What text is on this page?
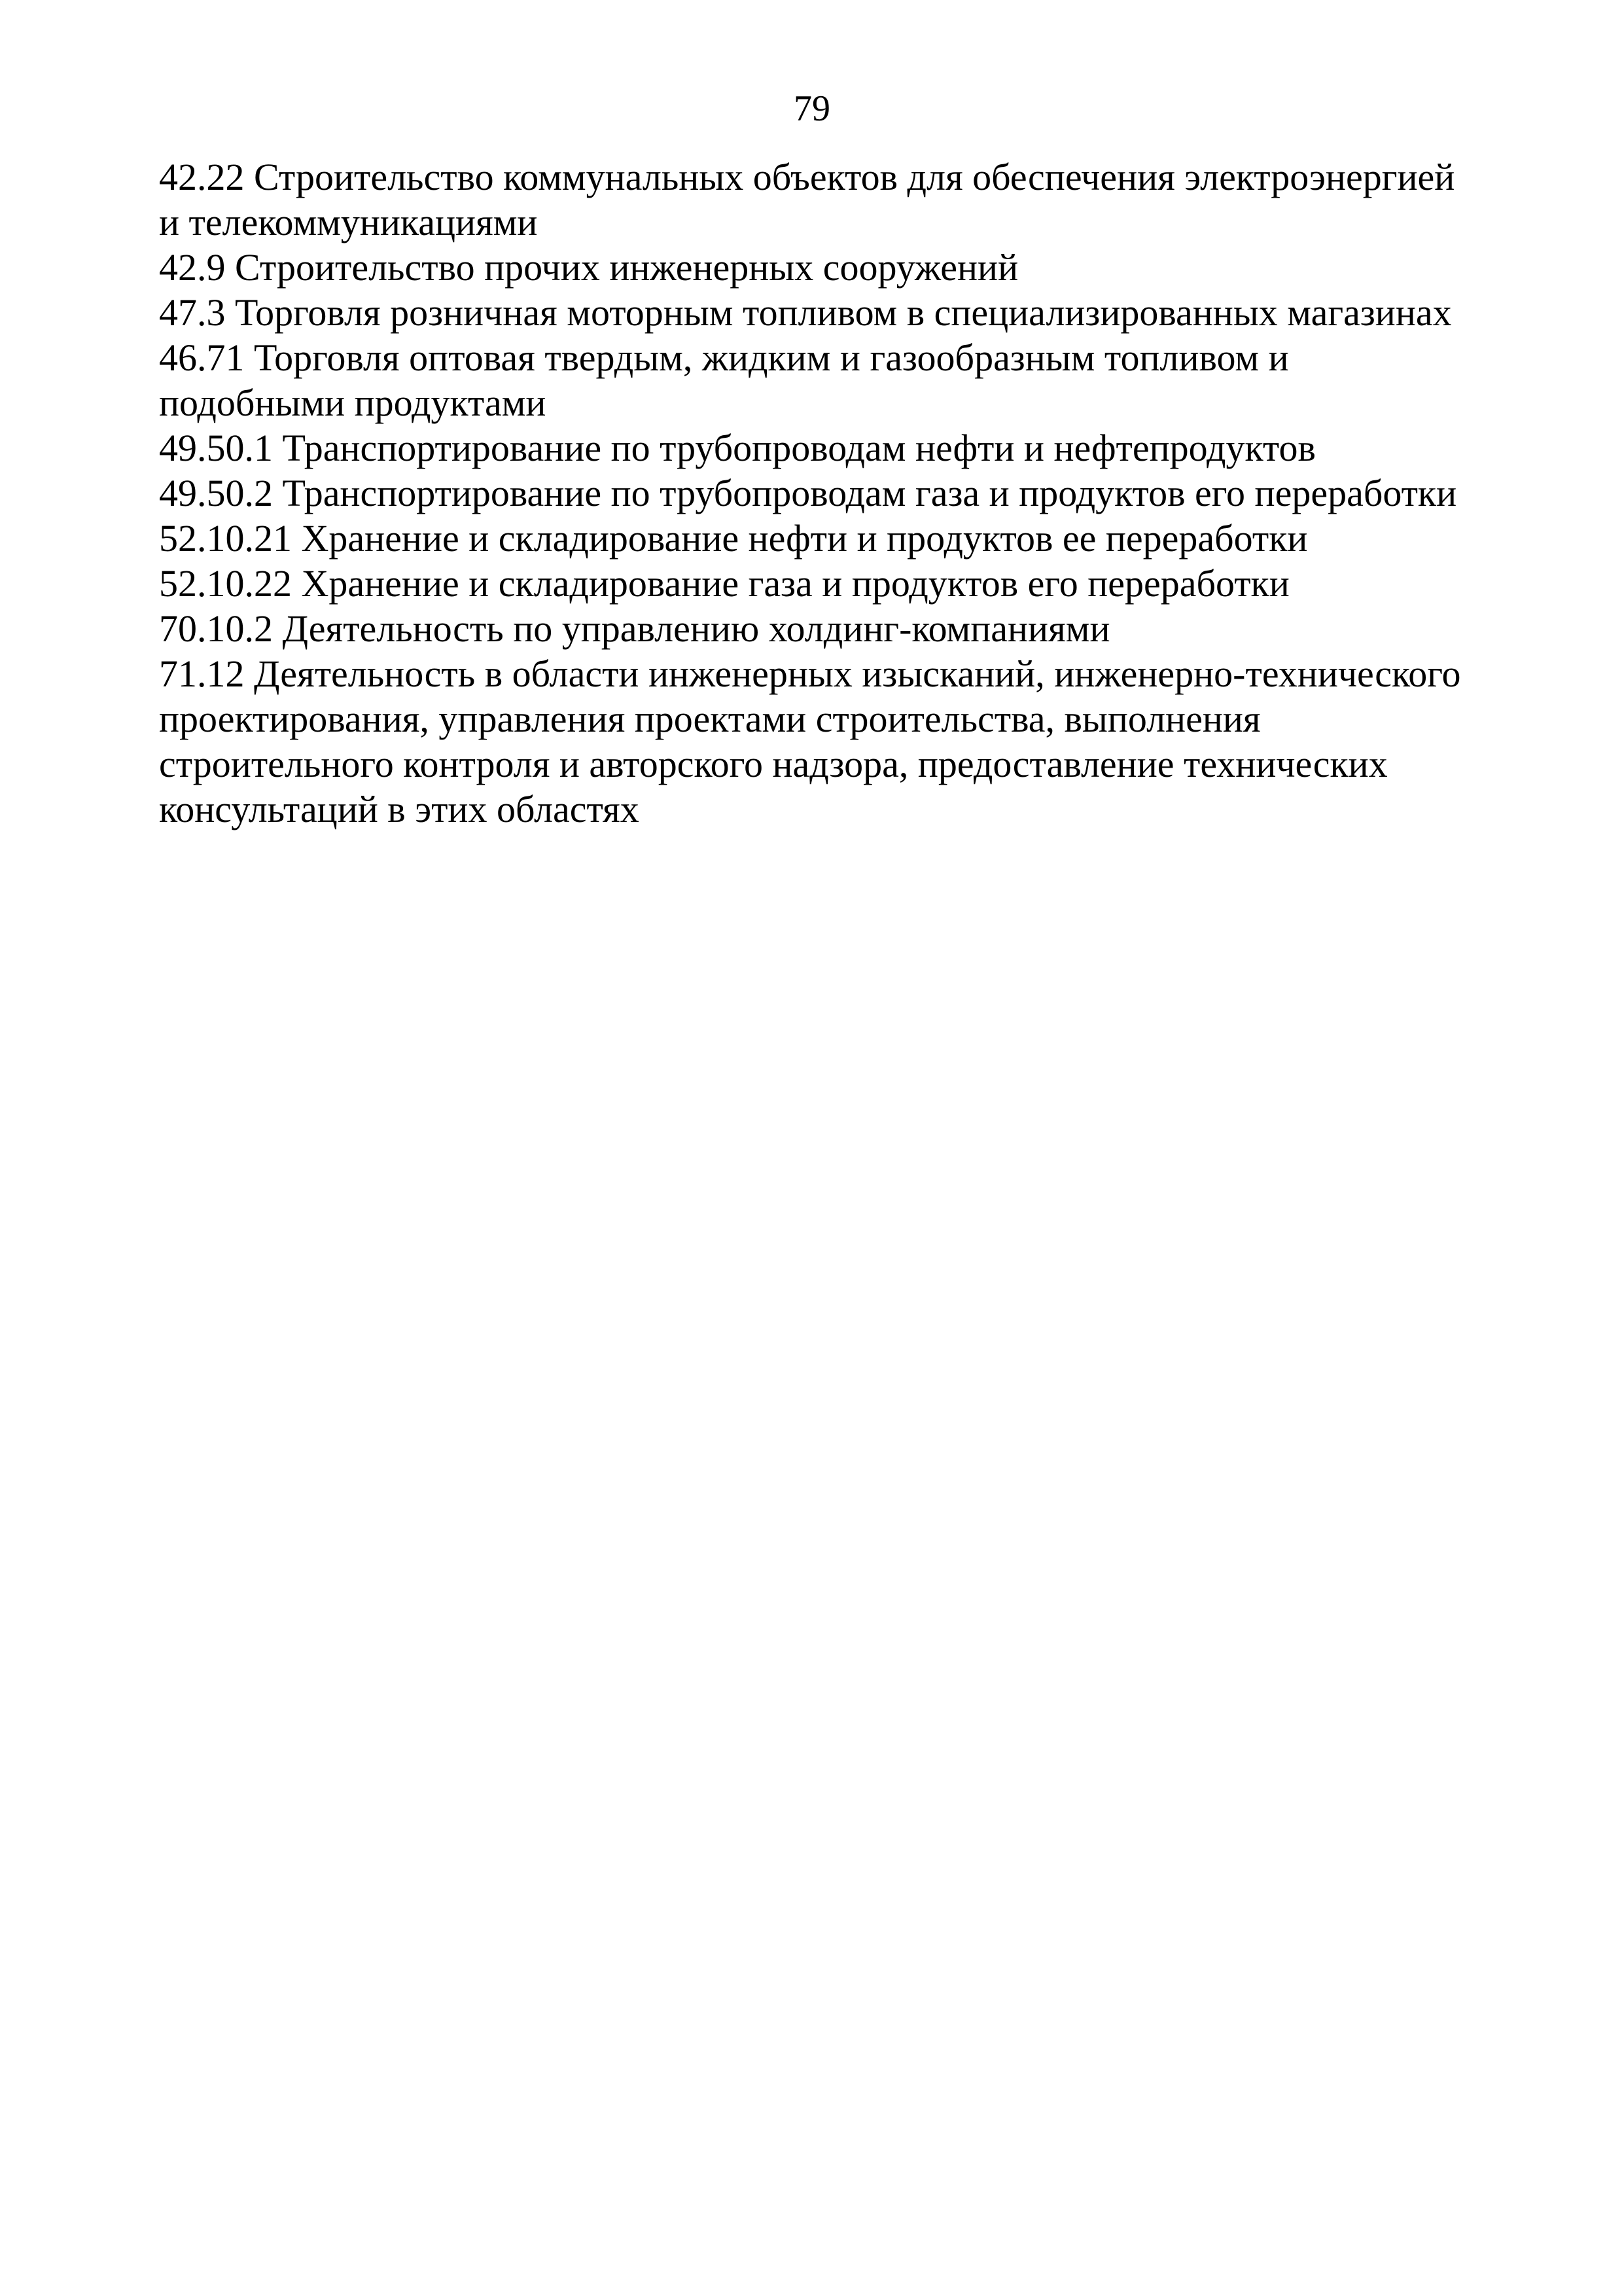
79
42.22 Строительство коммунальных объектов для обеспечения электроэнергией
и телекоммуникациями
42.9 Строительство прочих инженерных сооружений
47.3 Торговля розничная моторным топливом в специализированных магазинах
46.71 Торговля оптовая твердым, жидким и газообразным топливом и
подобными продуктами
49.50.1 Транспортирование по трубопроводам нефти и нефтепродуктов
49.50.2 Транспортирование по трубопроводам газа и продуктов его переработки
52.10.21 Хранение и складирование нефти и продуктов ее переработки
52.10.22 Хранение и складирование газа и продуктов его переработки
70.10.2 Деятельность по управлению холдинг-компаниями
71.12 Деятельность в области инженерных изысканий, инженерно-технического
проектирования, управления проектами строительства, выполнения
строительного контроля и авторского надзора, предоставление технических
консультаций в этих областях
